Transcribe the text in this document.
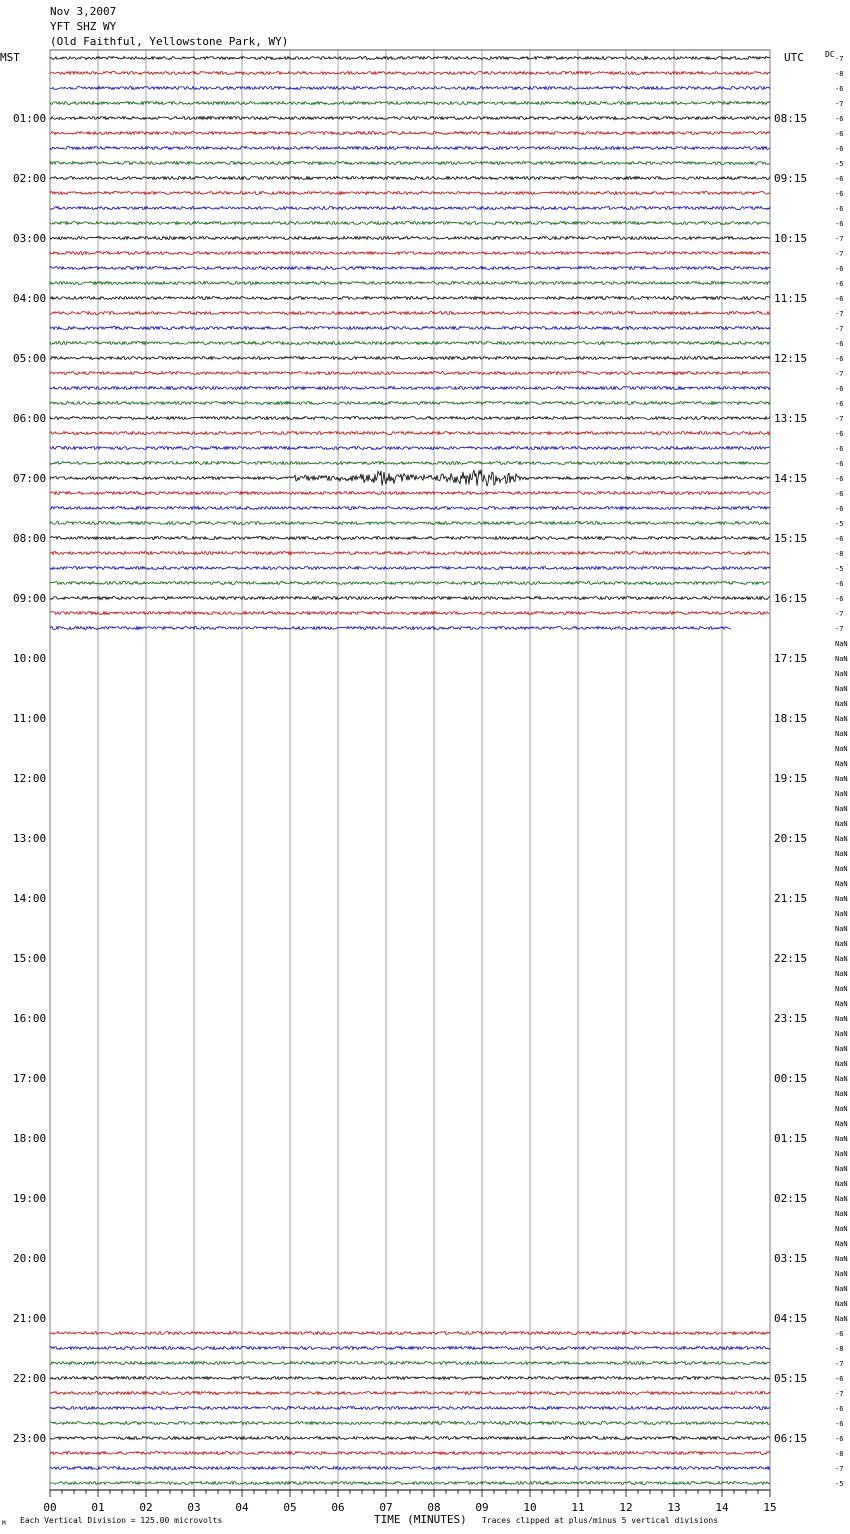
Nov 3,2007
YFT SHZ WY
(Old Faithful, Yellowstone Park, WY)
MST	UTC	DC -7
-8
-6
-7
-6
-6
-6
-5
-6
-6
-6
-6
-7
-7
-6
-6
-6
-7
-7
-6
-6
-7
-6
-6
-7
-6
-6
-6
-6
-6
-6
-5
-6
-8
-5
-6
-6
-7
-7
NaN
NaN
NaN
NaN
NaN
NaN
NaN
NaN
NaN
NaN
NaN
NaN
NaN
NaN
NaN
NaN
NaN
NaN
NaN
NaN
NaN
NaN
NaN
NaN
NaN
NaN
NaN
NaN
NaN
NaN
NaN
NaN
NaN
NaN
NaN
NaN
NaN
NaN
NaN
NaN
NaN
NaN
NaN
NaN
NaN
NaN
-6
-8
-7
-6
-7
-6
-6
-6
-8
-7
-5
01:00
02:00
03:00
04:00
05:00
06:00
07:00
08:00
09:00
10:00
11:00
12:00
13:00
14:00
15:00
16:00
17:00
18:00
19:00
20:00
21:00
22:00
23:00
08:15
09:15
10:15
11:15
12:15
13:15
14:15
15:15
16:15
17:15
18:15
19:15
20:15
21:15
22:15
23:15
00:15
01:15
02:15
03:15
04:15
05:15
06:15
00	01	02	03	04	05	06	07	08	09	10	11	12	13	14	15
M Each Vertical Division = 125.00 microvolts	TIME (MINUTES) Traces clipped at plus/minus 5 vertical divisions
